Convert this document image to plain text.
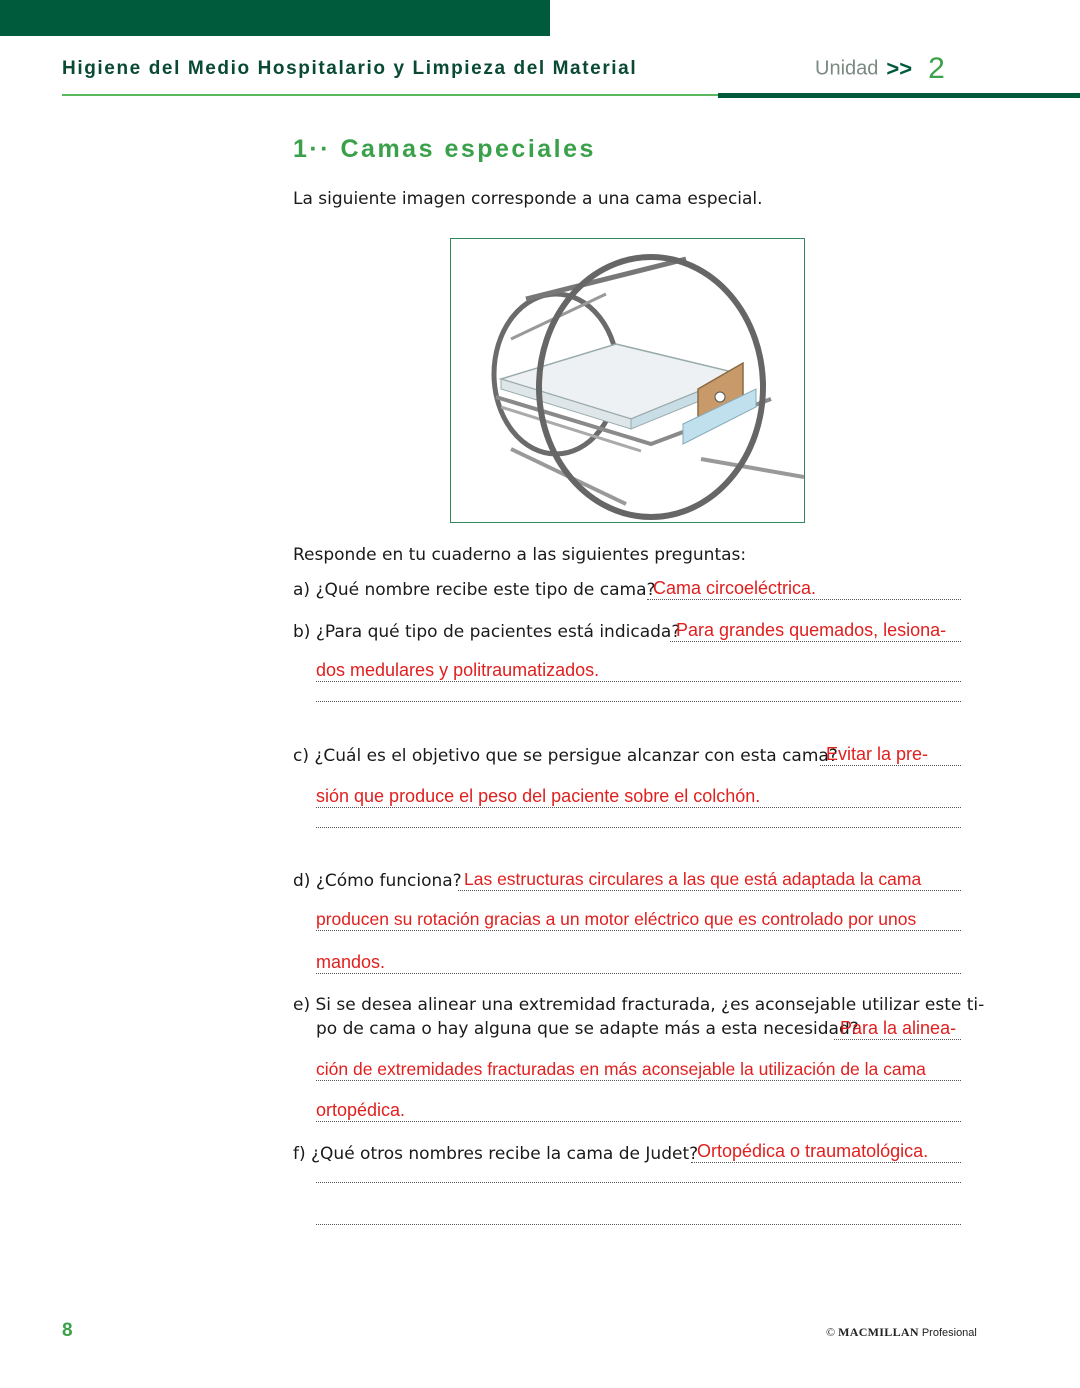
Higiene del Medio Hospitalario y Limpieza del Material	Unidad >> 2
1·· Camas especiales
La siguiente imagen corresponde a una cama especial.
Responde en tu cuaderno a las siguientes preguntas:
a) ¿Qué nombre recibe este tipo de cama?
Cama circoeléctrica.
b) ¿Para qué tipo de pacientes está indicada?
Para grandes quemados, lesiona-
dos medulares y politraumatizados.
c) ¿Cuál es el objetivo que se persigue alcanzar con esta cama?
Evitar la pre-
sión que produce el peso del paciente sobre el colchón.
d) ¿Cómo funciona? Las estructuras circulares a las que está adaptada la cama
producen su rotación gracias a un motor eléctrico que es controlado por unos
mandos.
e) Si se desea alinear una extremidad fracturada, ¿es aconsejable utilizar este ti-
po de cama o hay alguna que se adapte más a esta necesidad?
Para la alinea-
ción de extremidades fracturadas en más aconsejable la utilización de la cama
ortopédica.
f) ¿Qué otros nombres recibe la cama de Judet?
Ortopédica o traumatológica.
8	© MACMILLAN Profesional
